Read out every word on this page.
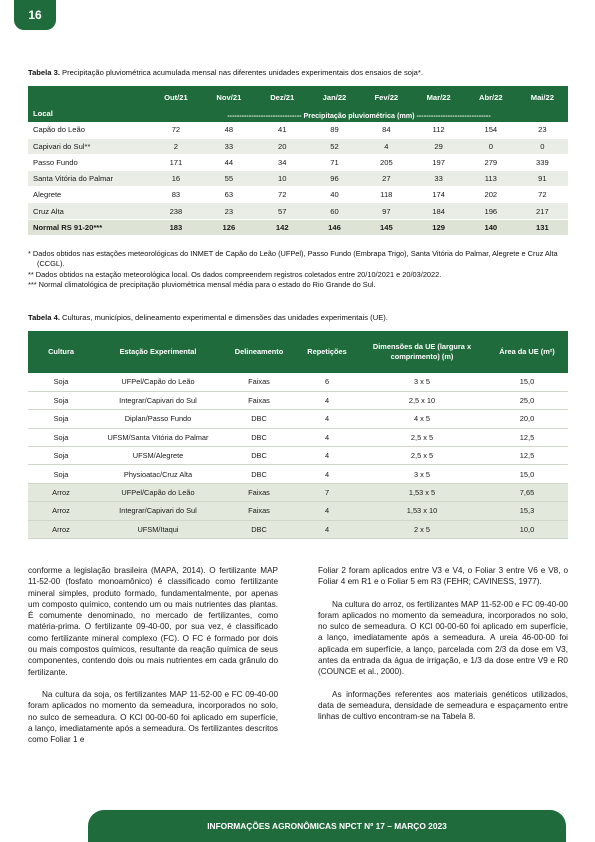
16
Tabela 3. Precipitação pluviométrica acumulada mensal nas diferentes unidades experimentais dos ensaios de soja*.
Local	Out/21	Nov/21	Dez/21	Jan/22	Fev/22	Mar/22	Abr/22	Mai/22
	------------------------------- Precipitação pluviométrica (mm) -------------------------------							
Capão do Leão	72	48	41	89	84	112	154	23
Capivari do Sul**	2	33	20	52	4	29	0	0
Passo Fundo	171	44	34	71	205	197	279	339
Santa Vitória do Palmar	16	55	10	96	27	33	113	91
Alegrete	83	63	72	40	118	174	202	72
Cruz Alta	238	23	57	60	97	184	196	217
Normal RS 91-20***	183	126	142	146	145	129	140	131

* Dados obtidos nas estações meteorológicas do INMET de Capão do Leão (UFPel), Passo Fundo (Embrapa Trigo), Santa Vitória do Palmar, Alegrete e Cruz Alta (CCGL).

** Dados obtidos na estação meteorológica local. Os dados compreendem registros coletados entre 20/10/2021 e 20/03/2022.

*** Normal climatológica de precipitação pluviométrica mensal média para o estado do Rio Grande do Sul.

Tabela 4. Culturas, municípios, delineamento experimental e dimensões das unidades experimentais (UE).
Cultura	Estação Experimental	Delineamento	Repetições	Dimensões da UE (largura x comprimento) (m)	Área da UE (m²)
Soja	UFPel/Capão do Leão	Faixas	6	3 x 5	15,0
Soja	Integrar/Capivari do Sul	Faixas	4	2,5 x 10	25,0
Soja	Diplan/Passo Fundo	DBC	4	4 x 5	20,0
Soja	UFSM/Santa Vitória do Palmar	DBC	4	2,5 x 5	12,5
Soja	UFSM/Alegrete	DBC	4	2,5 x 5	12,5
Soja	Physioatac/Cruz Alta	DBC	4	3 x 5	15,0
Arroz	UFPel/Capão do Leão	Faixas	7	1,53 x 5	7,65
Arroz	Integrar/Capivari do Sul	Faixas	4	1,53 x 10	15,3
Arroz	UFSM/Itaqui	DBC	4	2 x 5	10,0

conforme a legislação brasileira (MAPA, 2014). O fertilizante MAP 11-52-00 (fosfato monoamônico) é classificado como fertilizante mineral simples, produto formado, fundamentalmente, por apenas um composto químico, contendo um ou mais nutrientes das plantas. É comumente denominado, no mercado de fertilizantes, como matéria-prima. O fertilizante 09-40-00, por sua vez, é classificado como fertilizante mineral complexo (FC). O FC é formado por dois ou mais compostos químicos, resultante da reação química de seus componentes, contendo dois ou mais nutrientes em cada grânulo do fertilizante.

Na cultura da soja, os fertilizantes MAP 11-52-00 e FC 09-40-00 foram aplicados no momento da semeadura, incorporados no solo, no sulco de semeadura. O KCl 00-00-60 foi aplicado em superfície, a lanço, imediatamente após a semeadura. Os fertilizantes descritos como Foliar 1 e

Foliar 2 foram aplicados entre V3 e V4, o Foliar 3 entre V6 e V8, o Foliar 4 em R1 e o Foliar 5 em R3 (FEHR; CAVINESS, 1977).

Na cultura do arroz, os fertilizantes MAP 11-52-00 e FC 09-40-00 foram aplicados no momento da semeadura, incorporados no solo, no sulco de semeadura. O KCl 00-00-60 foi aplicado em superfície, a lanço, imediatamente após a semeadura. A ureia 46-00-00 foi aplicada em superfície, a lanço, parcelada com 2/3 da dose em V3, antes da entrada da água de irrigação, e 1/3 da dose entre V9 e R0 (COUNCE et al., 2000).

As informações referentes aos materiais genéticos utilizados, data de semeadura, densidade de semeadura e espaçamento entre linhas de cultivo encontram-se na Tabela 8.

INFORMAÇÕES AGRONÔMICAS NPCT Nº 17 – MARÇO 2023
